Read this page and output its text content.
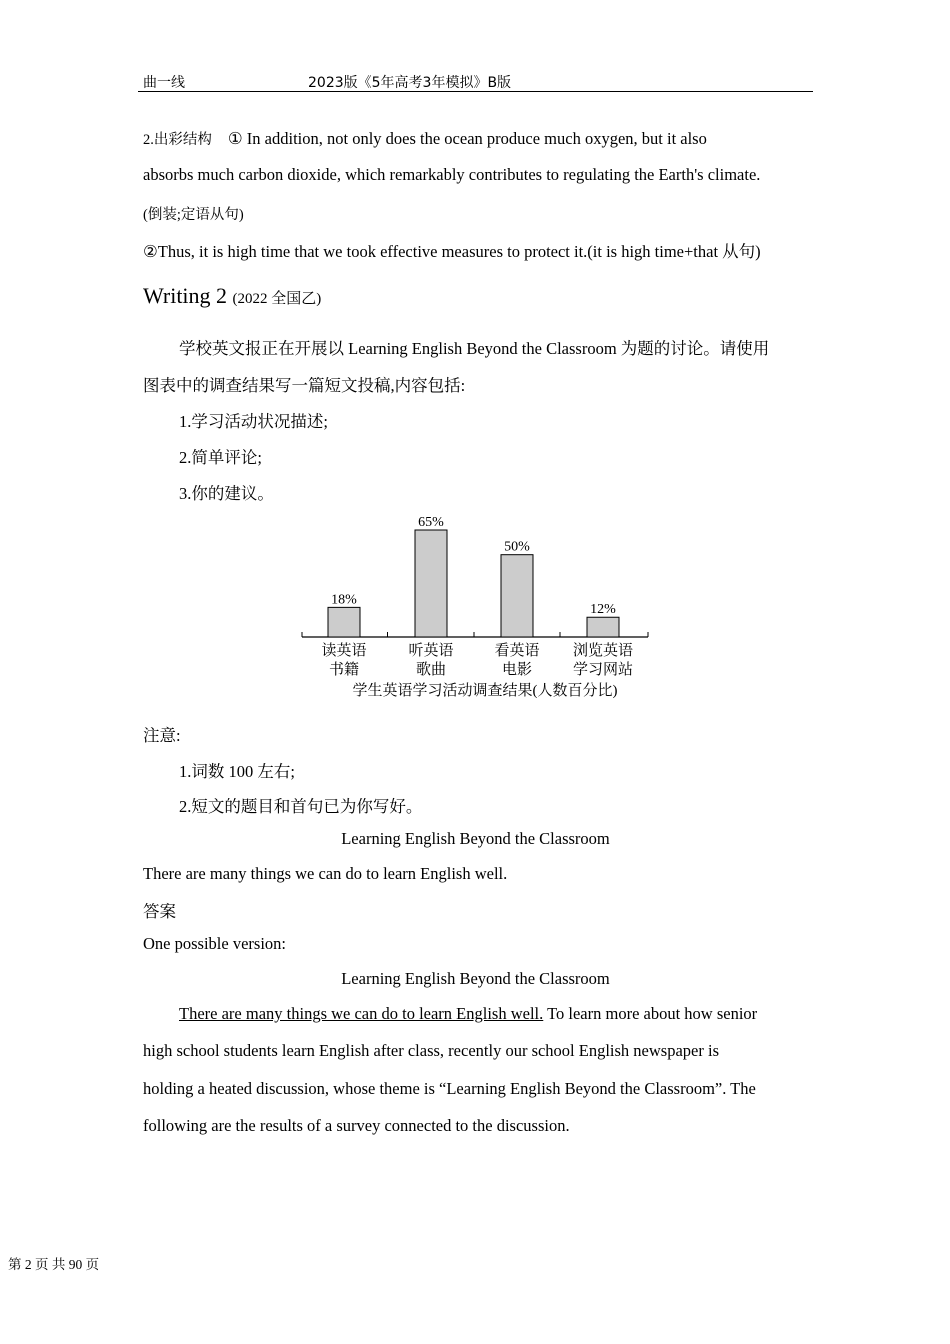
曲一线	2023版《5年高考3年模拟》B版
2.出彩结构 ① In addition, not only does the ocean produce much oxygen, but it also
absorbs much carbon dioxide, which remarkably contributes to regulating the Earth's climate.
(倒装;定语从句)
②Thus, it is high time that we took effective measures to protect it.(it is high time+that 从句)
Writing 2 (2022 全国乙)
学校英文报正在开展以 Learning English Beyond the Classroom 为题的讨论。请使用
图表中的调查结果写一篇短文投稿,内容包括:
1.学习活动状况描述;
2.简单评论;
3.你的建议。
18%
读英语
书籍
65%
听英语
歌曲
50%
看英语
电影
12%
浏览英语
学习网站
学生英语学习活动调查结果(人数百分比)
注意:
1.词数 100 左右;
2.短文的题目和首句已为你写好。
Learning English Beyond the Classroom
There are many things we can do to learn English well.
答案
One possible version:
Learning English Beyond the Classroom
There are many things we can do to learn English well. To learn more about how senior
high school students learn English after class, recently our school English newspaper is
holding a heated discussion, whose theme is “Learning English Beyond the Classroom”. The
following are the results of a survey connected to the discussion.
第 2 页 共 90 页
